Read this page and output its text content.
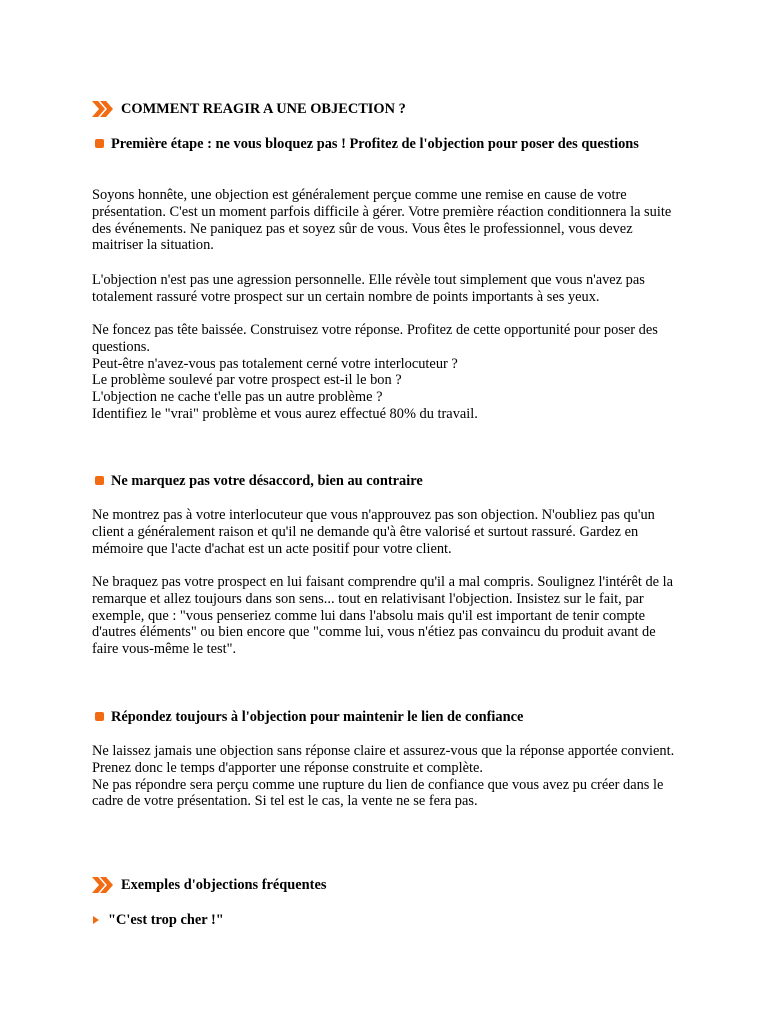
COMMENT REAGIR A UNE OBJECTION ?
Première étape : ne vous bloquez pas ! Profitez de l'objection pour poser des questions

Soyons honnête, une objection est généralement perçue comme une remise en cause de votre présentation. C'est un moment parfois difficile à gérer. Votre première réaction conditionnera la suite des événements. Ne paniquez pas et soyez sûr de vous. Vous êtes le professionnel, vous devez maitriser la situation.

L'objection n'est pas une agression personnelle. Elle révèle tout simplement que vous n'avez pas totalement rassuré votre prospect sur un certain nombre de points importants à ses yeux.

Ne foncez pas tête baissée. Construisez votre réponse. Profitez de cette opportunité pour poser des questions.

Peut-être n'avez-vous pas totalement cerné votre interlocuteur ?

Le problème soulevé par votre prospect est-il le bon ?

L'objection ne cache t'elle pas un autre problème ?

Identifiez le "vrai" problème et vous aurez effectué 80% du travail.

Ne marquez pas votre désaccord, bien au contraire

Ne montrez pas à votre interlocuteur que vous n'approuvez pas son objection. N'oubliez pas qu'un client a généralement raison et qu'il ne demande qu'à être valorisé et surtout rassuré. Gardez en mémoire que l'acte d'achat est un acte positif pour votre client.

Ne braquez pas votre prospect en lui faisant comprendre qu'il a mal compris. Soulignez l'intérêt de la remarque et allez toujours dans son sens... tout en relativisant l'objection. Insistez sur le fait, par exemple, que : "vous penseriez comme lui dans l'absolu mais qu'il est important de tenir compte d'autres éléments" ou bien encore que "comme lui, vous n'étiez pas convaincu du produit avant de faire vous-même le test".

Répondez toujours à l'objection pour maintenir le lien de confiance

Ne laissez jamais une objection sans réponse claire et assurez-vous que la réponse apportée convient.

Prenez donc le temps d'apporter une réponse construite et complète.

Ne pas répondre sera perçu comme une rupture du lien de confiance que vous avez pu créer dans le cadre de votre présentation. Si tel est le cas, la vente ne se fera pas.

Exemples d'objections fréquentes
"C'est trop cher !"
